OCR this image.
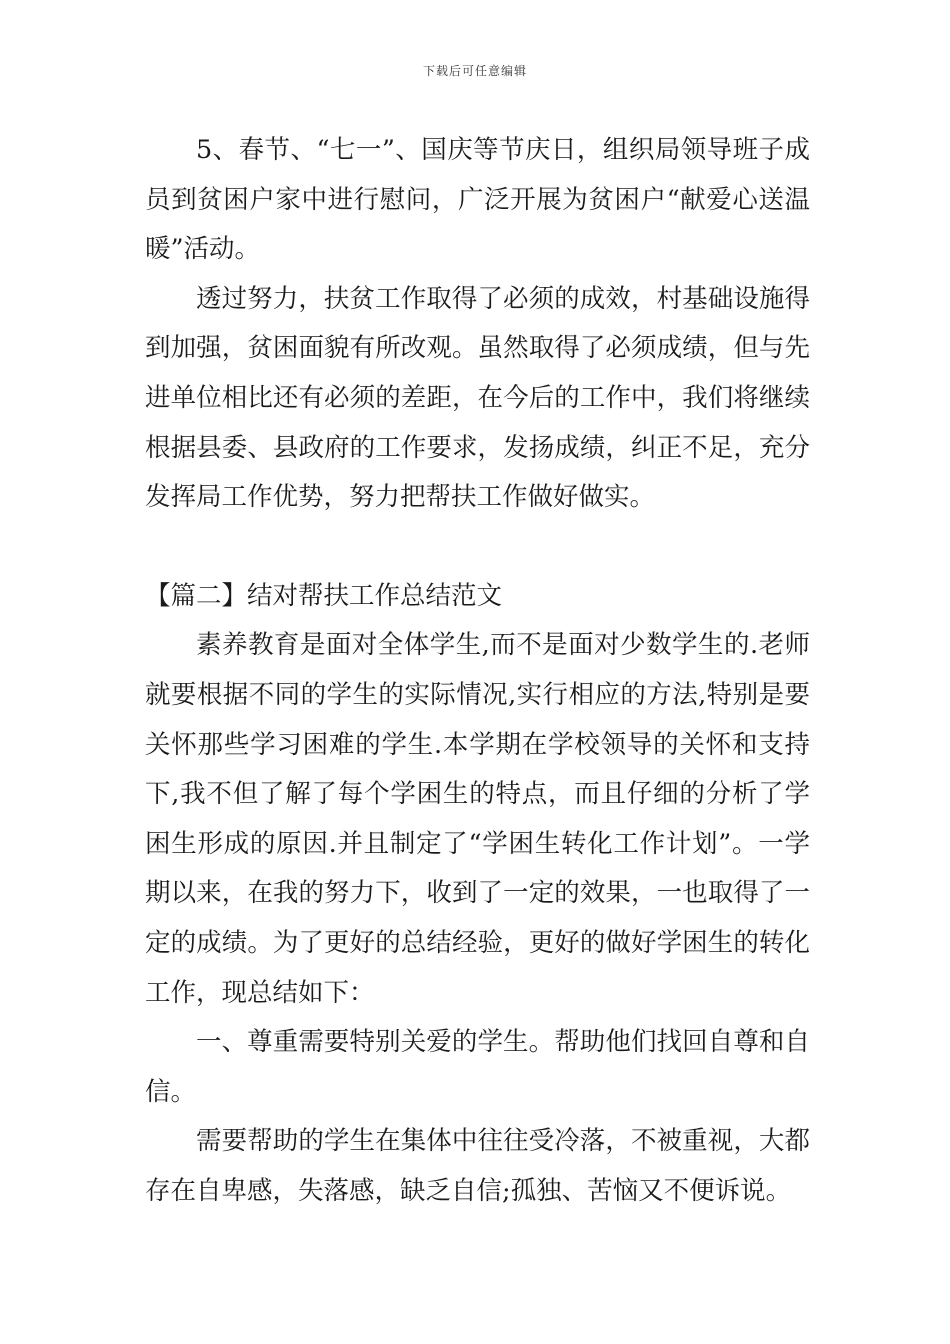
下载后可任意编辑

5、春节、“七一”、国庆等节庆日，组织局领导班子成员到贫困户家中进行慰问，广泛开展为贫困户“献爱心送温暖”活动。

透过努力，扶贫工作取得了必须的成效，村基础设施得到加强，贫困面貌有所改观。虽然取得了必须成绩，但与先进单位相比还有必须的差距，在今后的工作中，我们将继续根据县委、县政府的工作要求，发扬成绩，纠正不足，充分发挥局工作优势，努力把帮扶工作做好做实。

【篇二】结对帮扶工作总结范文

素养教育是面对全体学生,而不是面对少数学生的.老师就要根据不同的学生的实际情况,实行相应的方法,特别是要关怀那些学习困难的学生.本学期在学校领导的关怀和支持下,我不但了解了每个学困生的特点，而且仔细的分析了学困生形成的原因.并且制定了“学困生转化工作计划”。一学期以来，在我的努力下，收到了一定的效果，一也取得了一定的成绩。为了更好的总结经验，更好的做好学困生的转化工作，现总结如下：

一、尊重需要特别关爱的学生。帮助他们找回自尊和自信。

需要帮助的学生在集体中往往受冷落，不被重视，大都存在自卑感，失落感，缺乏自信;孤独、苦恼又不便诉说。
